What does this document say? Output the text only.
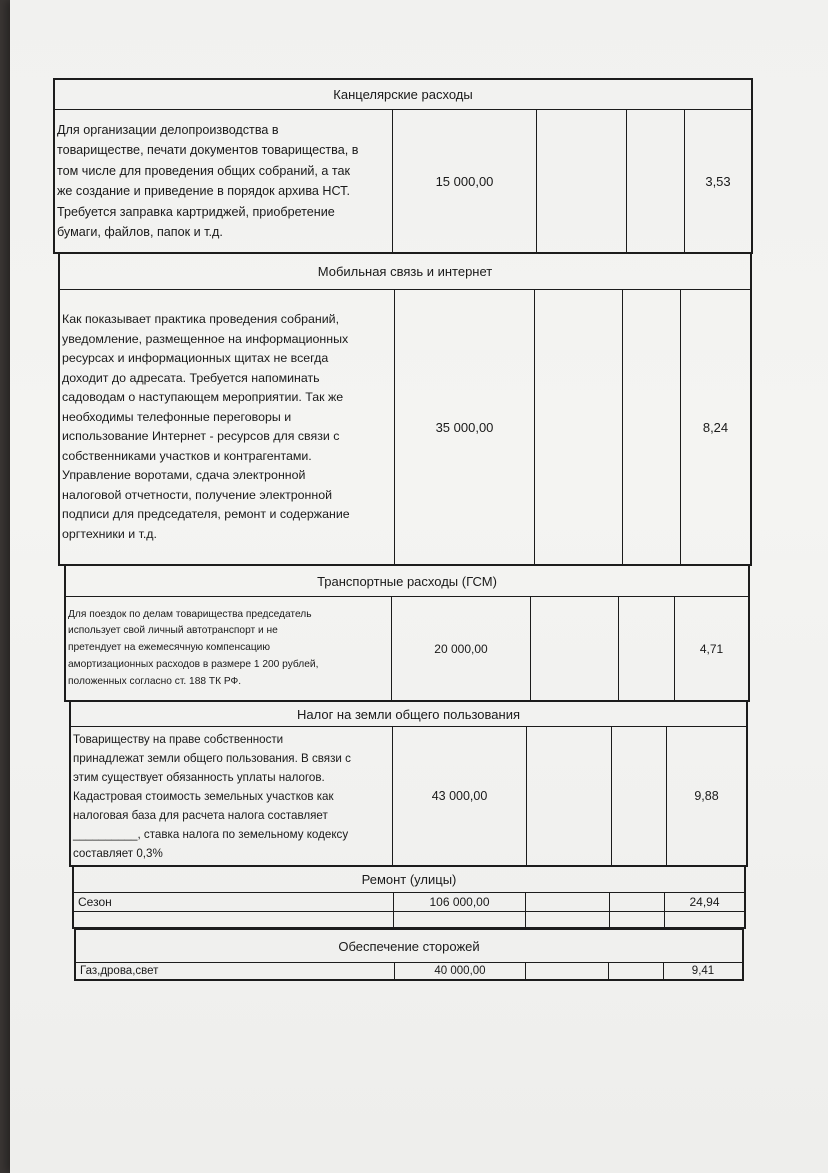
Канцелярские расходы

Для организации делопроизводства в
товариществе, печати документов товарищества, в
том числе для проведения общих собраний, а так
же создание и приведение в порядок архива НСТ.
Требуется заправка картриджей, приобретение
бумаги, файлов, папок и т.д.

15 000,00	3,53
Мобильная связь и интернет

Как показывает практика проведения собраний,
уведомление, размещенное на информационных
ресурсах и информационных щитах не всегда
доходит до адресата. Требуется напоминать
садоводам о наступающем мероприятии. Так же
необходимы телефонные переговоры и
использование Интернет - ресурсов для связи с
собственниками участков и контрагентами.
Управление воротами, сдача электронной
налоговой отчетности, получение электронной
подписи для председателя, ремонт и содержание
оргтехники и т.д.

35 000,00	8,24
Транспортные расходы (ГСМ)

Для поездок по делам товарищества председатель
использует свой личный автотранспорт и не
претендует на ежемесячную компенсацию
амортизационных расходов в размере 1 200 рублей,
положенных согласно ст. 188 ТК РФ.

20 000,00	4,71
Налог на земли общего пользования

Товариществу на праве собственности
принадлежат земли общего пользования. В связи с
этим существует обязанность уплаты налогов.
Кадастровая стоимость земельных участков как
налоговая база для расчета налога составляет
__________, ставка налога по земельному кодексу
составляет 0,3%

43 000,00	9,88
Ремонт (улицы)
Сезон	106 000,00	24,94
Обеспечение сторожей
Газ,дрова,свет	40 000,00	9,41
